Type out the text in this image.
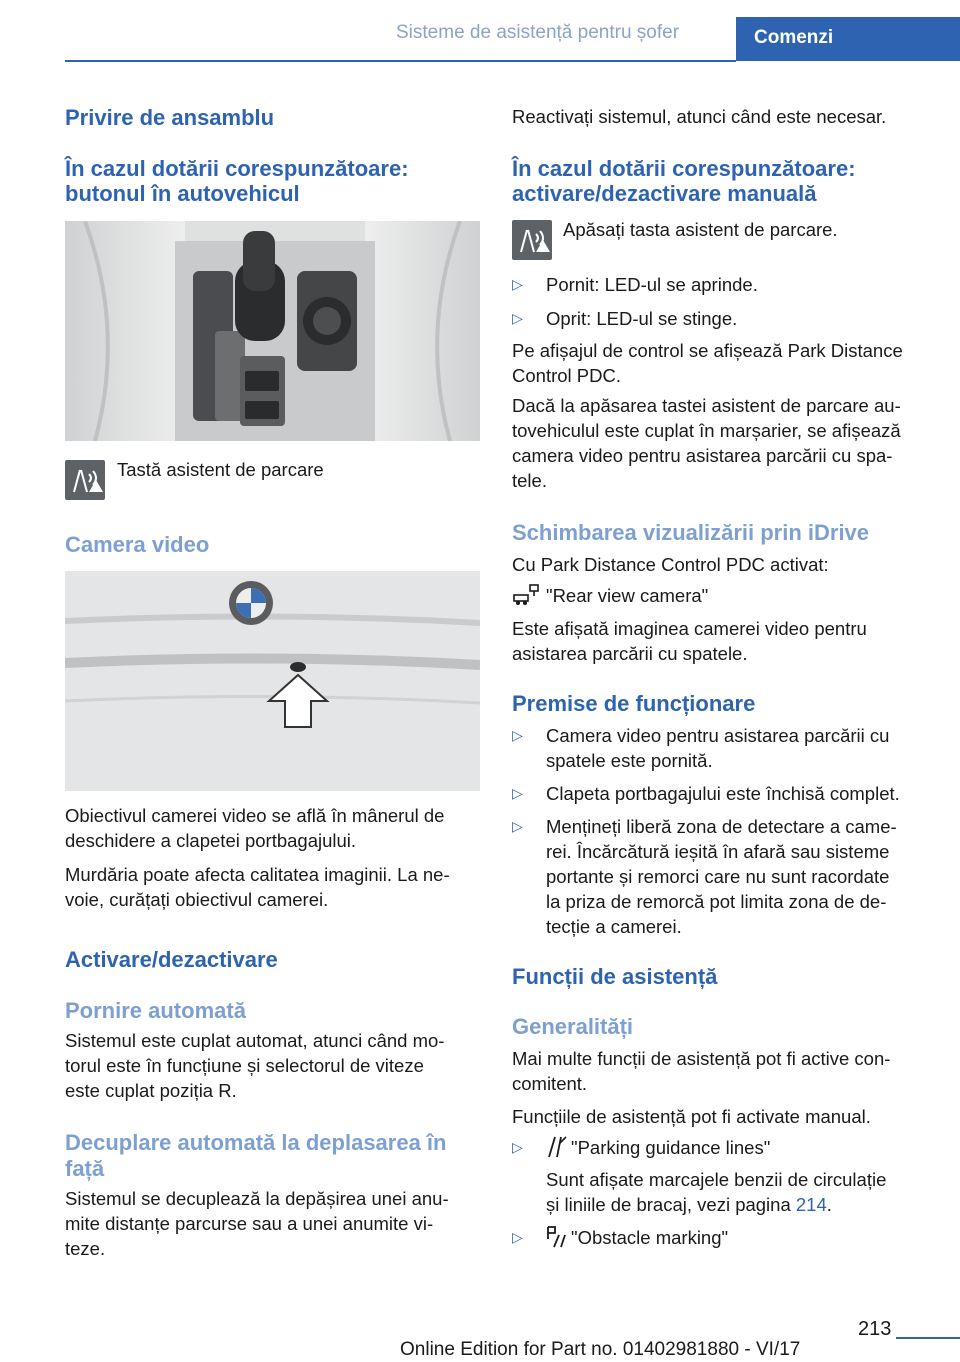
Sisteme de asistență pentru șofer	Comenzi
Privire de ansamblu
În cazul dotării corespunzătoare:
butonul în autovehicul
Tastă asistent de parcare
Camera video
Obiectivul camerei video se află în mânerul de
deschidere a clapetei portbagajului.
Murdăria poate afecta calitatea imaginii. La ne‐
voie, curățați obiectivul camerei.
Activare/dezactivare
Pornire automată
Sistemul este cuplat automat, atunci când mo‐
torul este în funcțiune și selectorul de viteze
este cuplat poziția R.
Decuplare automată la deplasarea în
față
Sistemul se decuplează la depășirea unei anu‐
mite distanțe parcurse sau a unei anumite vi‐
teze.
Reactivați sistemul, atunci când este necesar.
În cazul dotării corespunzătoare:
activare/dezactivare manuală
Apăsați tasta asistent de parcare.
▷ Pornit: LED-ul se aprinde.
▷ Oprit: LED-ul se stinge.
Pe afișajul de control se afișează Park Distance
Control PDC.
Dacă la apăsarea tastei asistent de parcare au‐
tovehiculul este cuplat în marșarier, se afișează
camera video pentru asistarea parcării cu spa‐
tele.
Schimbarea vizualizării prin iDrive
Cu Park Distance Control PDC activat:
"Rear view camera"
Este afișată imaginea camerei video pentru
asistarea parcării cu spatele.
Premise de funcționare
▷ Camera video pentru asistarea parcării cu
spatele este pornită.
▷ Clapeta portbagajului este închisă complet.
▷ Mențineți liberă zona de detectare a came‐
rei. Încărcătură ieșită în afară sau sisteme
portante și remorci care nu sunt racordate
la priza de remorcă pot limita zona de de‐
tecție a camerei.
Funcții de asistență
Generalități
Mai multe funcții de asistență pot fi active con‐
comitent.
Funcțiile de asistență pot fi activate manual.
▷	"Parking guidance lines"
Sunt afișate marcajele benzii de circulație
și liniile de bracaj, vezi pagina 214.
▷	"Obstacle marking"
213
Online Edition for Part no. 01402981880 - VI/17
